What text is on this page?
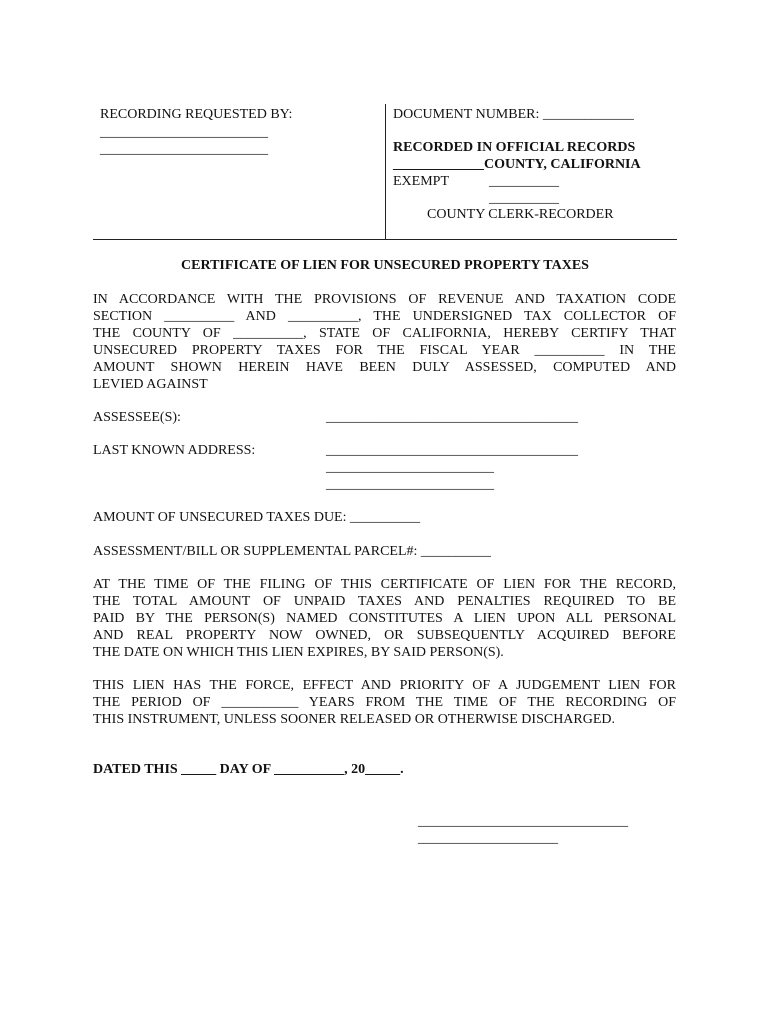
RECORDING REQUESTED BY:
________________________
________________________
DOCUMENT NUMBER: _____________
RECORDED IN OFFICIAL RECORDS
_____________COUNTY, CALIFORNIA
EXEMPT	__________
__________
COUNTY CLERK-RECORDER
CERTIFICATE OF LIEN FOR UNSECURED PROPERTY TAXES
IN ACCORDANCE WITH THE PROVISIONS OF REVENUE AND TAXATION CODE
SECTION __________ AND __________, THE UNDERSIGNED TAX COLLECTOR OF
THE COUNTY OF __________, STATE OF CALIFORNIA, HEREBY CERTIFY THAT
UNSECURED PROPERTY TAXES FOR THE FISCAL YEAR __________ IN THE
AMOUNT SHOWN HEREIN HAVE BEEN DULY ASSESSED, COMPUTED AND
LEVIED AGAINST
ASSESSEE(S):	____________________________________
LAST KNOWN ADDRESS:	____________________________________
________________________
________________________
AMOUNT OF UNSECURED TAXES DUE: __________
ASSESSMENT/BILL OR SUPPLEMENTAL PARCEL#: __________
AT THE TIME OF THE FILING OF THIS CERTIFICATE OF LIEN FOR THE RECORD,
THE TOTAL AMOUNT OF UNPAID TAXES AND PENALTIES REQUIRED TO BE
PAID BY THE PERSON(S) NAMED CONSTITUTES A LIEN UPON ALL PERSONAL
AND REAL PROPERTY NOW OWNED, OR SUBSEQUENTLY ACQUIRED BEFORE
THE DATE ON WHICH THIS LIEN EXPIRES, BY SAID PERSON(S).
THIS LIEN HAS THE FORCE, EFFECT AND PRIORITY OF A JUDGEMENT LIEN FOR
THE PERIOD OF ___________ YEARS FROM THE TIME OF THE RECORDING OF
THIS INSTRUMENT, UNLESS SOONER RELEASED OR OTHERWISE DISCHARGED.
DATED THIS _____ DAY OF __________, 20_____.
______________________________
____________________
